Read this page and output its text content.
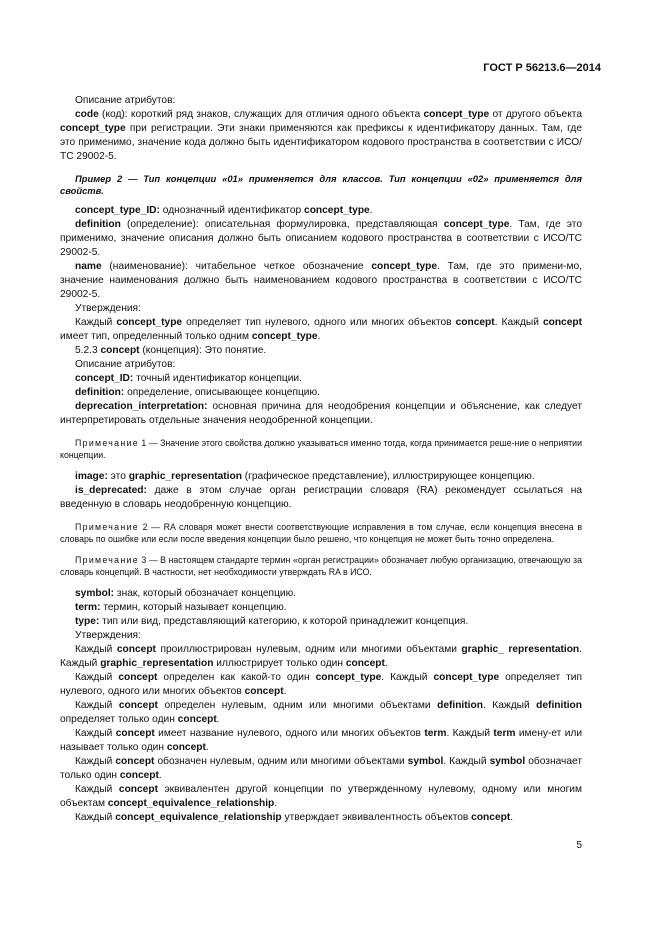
ГОСТ Р 56213.6—2014

Описание атрибутов:

code (код): короткий ряд знаков, служащих для отличия одного объекта concept_type от другого объекта concept_type при регистрации. Эти знаки применяются как префиксы к идентификатору данных. Там, где это применимо, значение кода должно быть идентификатором кодового пространства в соответствии с ИСО/ТС 29002-5.

Пример 2 — Тип концепции «01» применяется для классов. Тип концепции «02» применяется для свойств.

concept_type_ID: однозначный идентификатор concept_type.

definition (определение): описательная формулировка, представляющая concept_type. Там, где это применимо, значение описания должно быть описанием кодового пространства в соответствии с ИСО/ТС 29002-5.

name (наименование): читабельное четкое обозначение concept_type. Там, где это примени-мо, значение наименования должно быть наименованием кодового пространства в соответствии с ИСО/ТС 29002-5.

Утверждения:

Каждый concept_type определяет тип нулевого, одного или многих объектов concept. Каждый concept имеет тип, определенный только одним concept_type.

5.2.3 concept (концепция): Это понятие.

Описание атрибутов:

concept_ID: точный идентификатор концепции.

definition: определение, описывающее концепцию.

deprecation_interpretation: основная причина для неодобрения концепции и объяснение, как следует интерпретировать отдельные значения неодобренной концепции.

Примечание 1 — Значение этого свойства должно указываться именно тогда, когда принимается реше-ние о неприятии концепции.

image: это graphic_representation (графическое представление), иллюстрирующее концепцию.

is_deprecated: даже в этом случае орган регистрации словаря (RA) рекомендует ссылаться на введенную в словарь неодобренную концепцию.

Примечание 2 — RA словаря может внести соответствующие исправления в том случае, если концепция внесена в словарь по ошибке или если после введения концепции было решено, что концепция не может быть точно определена.

Примечание 3 — В настоящем стандарте термин «орган регистрации» обозначает любую организацию, отвечающую за словарь концепций. В частности, нет необходимости утверждать RA в ИСО.

symbol: знак, который обозначает концепцию.

term: термин, который называет концепцию.

type: тип или вид, представляющий категорию, к которой принадлежит концепция.

Утверждения:

Каждый concept проиллюстрирован нулевым, одним или многими объектами graphic_ representation. Каждый graphic_representation иллюстрирует только один concept.

Каждый concept определен как какой-то один concept_type. Каждый concept_type определяет тип нулевого, одного или многих объектов concept.

Каждый concept определен нулевым, одним или многими объектами definition. Каждый definition определяет только один concept.

Каждый concept имеет название нулевого, одного или многих объектов term. Каждый term имену-ет или называет только один concept.

Каждый concept обозначен нулевым, одним или многими объектами symbol. Каждый symbol обозначает только один concept.

Каждый concept эквивалентен другой концепции по утвержденному нулевому, одному или многим объектам concept_equivalence_relationship.

Каждый concept_equivalence_relationship утверждает эквивалентность объектов concept.

5
